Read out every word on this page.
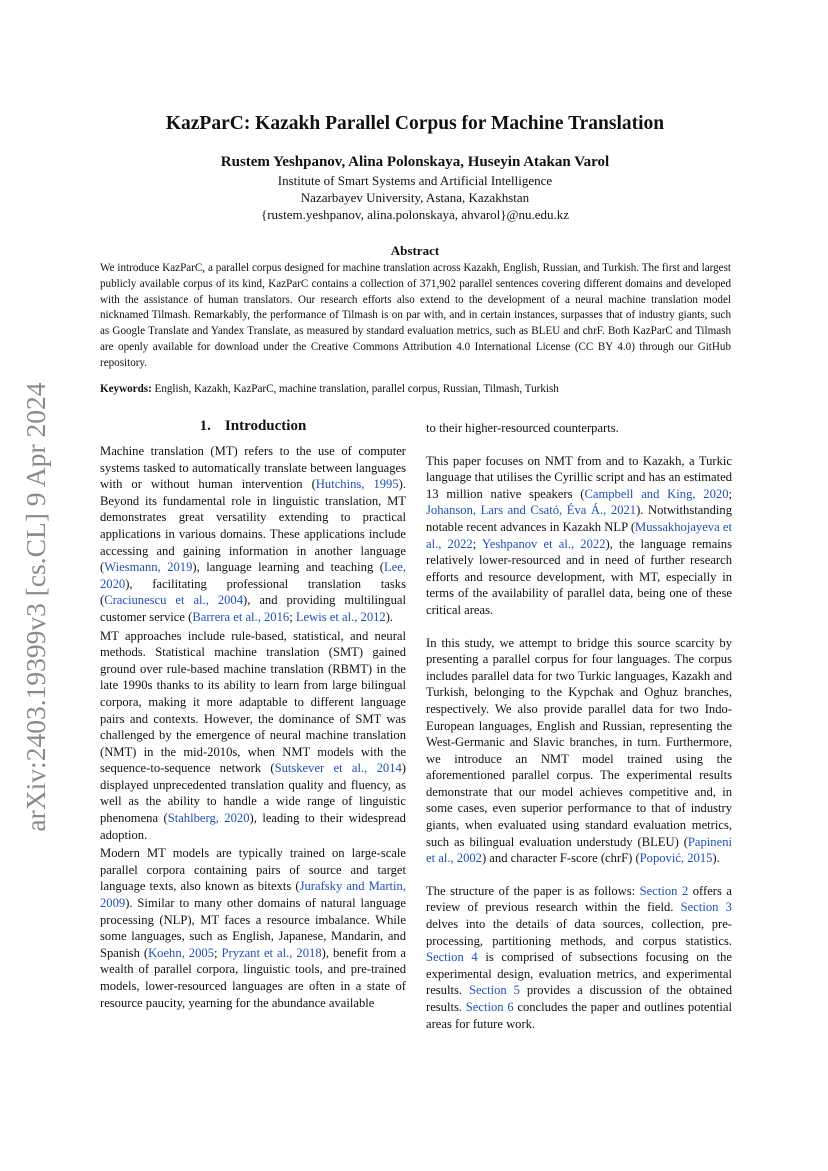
arXiv:2403.19399v3 [cs.CL] 9 Apr 2024
KazParC: Kazakh Parallel Corpus for Machine Translation
Rustem Yeshpanov, Alina Polonskaya, Huseyin Atakan Varol
Institute of Smart Systems and Artificial Intelligence
Nazarbayev University, Astana, Kazakhstan
{rustem.yeshpanov, alina.polonskaya, ahvarol}@nu.edu.kz
Abstract
We introduce KazParC, a parallel corpus designed for machine translation across Kazakh, English, Russian, and Turkish. The first and largest publicly available corpus of its kind, KazParC contains a collection of 371,902 parallel sentences covering different domains and developed with the assistance of human translators. Our research efforts also extend to the development of a neural machine translation model nicknamed Tilmash. Remarkably, the performance of Tilmash is on par with, and in certain instances, surpasses that of industry giants, such as Google Translate and Yandex Translate, as measured by standard evaluation metrics, such as BLEU and chrF. Both KazParC and Tilmash are openly available for download under the Creative Commons Attribution 4.0 International License (CC BY 4.0) through our GitHub repository.
Keywords: English, Kazakh, KazParC, machine translation, parallel corpus, Russian, Tilmash, Turkish
1. Introduction

Machine translation (MT) refers to the use of computer systems tasked to automatically translate between languages with or without human intervention (Hutchins, 1995). Beyond its fundamental role in linguistic translation, MT demonstrates great versatility extending to practical applications in various domains. These applications include accessing and gaining information in another language (Wiesmann, 2019), language learning and teaching (Lee, 2020), facilitating professional translation tasks (Craciunescu et al., 2004), and providing multilingual customer service (Barrera et al., 2016; Lewis et al., 2012).

MT approaches include rule-based, statistical, and neural methods. Statistical machine translation (SMT) gained ground over rule-based machine translation (RBMT) in the late 1990s thanks to its ability to learn from large bilingual corpora, making it more adaptable to different language pairs and contexts. However, the dominance of SMT was challenged by the emergence of neural machine translation (NMT) in the mid-2010s, when NMT models with the sequence-to-sequence network (Sutskever et al., 2014) displayed unprecedented translation quality and fluency, as well as the ability to handle a wide range of linguistic phenomena (Stahlberg, 2020), leading to their widespread adoption.

Modern MT models are typically trained on large-scale parallel corpora containing pairs of source and target language texts, also known as bitexts (Jurafsky and Martin, 2009). Similar to many other domains of natural language processing (NLP), MT faces a resource imbalance. While some languages, such as English, Japanese, Mandarin, and Spanish (Koehn, 2005; Pryzant et al., 2018), benefit from a wealth of parallel corpora, linguistic tools, and pre-trained models, lower-resourced languages are often in a state of resource paucity, yearning for the abundance available

to their higher-resourced counterparts.

This paper focuses on NMT from and to Kazakh, a Turkic language that utilises the Cyrillic script and has an estimated 13 million native speakers (Campbell and King, 2020; Johanson, Lars and Csató, Éva Á., 2021). Notwithstanding notable recent advances in Kazakh NLP (Mussakhojayeva et al., 2022; Yeshpanov et al., 2022), the language remains relatively lower-resourced and in need of further research efforts and resource development, with MT, especially in terms of the availability of parallel data, being one of these critical areas.

In this study, we attempt to bridge this source scarcity by presenting a parallel corpus for four languages. The corpus includes parallel data for two Turkic languages, Kazakh and Turkish, belonging to the Kypchak and Oghuz branches, respectively. We also provide parallel data for two Indo-European languages, English and Russian, representing the West-Germanic and Slavic branches, in turn. Furthermore, we introduce an NMT model trained using the aforementioned parallel corpus. The experimental results demonstrate that our model achieves competitive and, in some cases, even superior performance to that of industry giants, when evaluated using standard evaluation metrics, such as bilingual evaluation understudy (BLEU) (Papineni et al., 2002) and character F-score (chrF) (Popović, 2015).

The structure of the paper is as follows: Section 2 offers a review of previous research within the field. Section 3 delves into the details of data sources, collection, pre-processing, partitioning methods, and corpus statistics. Section 4 is comprised of subsections focusing on the experimental design, evaluation metrics, and experimental results. Section 5 provides a discussion of the obtained results. Section 6 concludes the paper and outlines potential areas for future work.
